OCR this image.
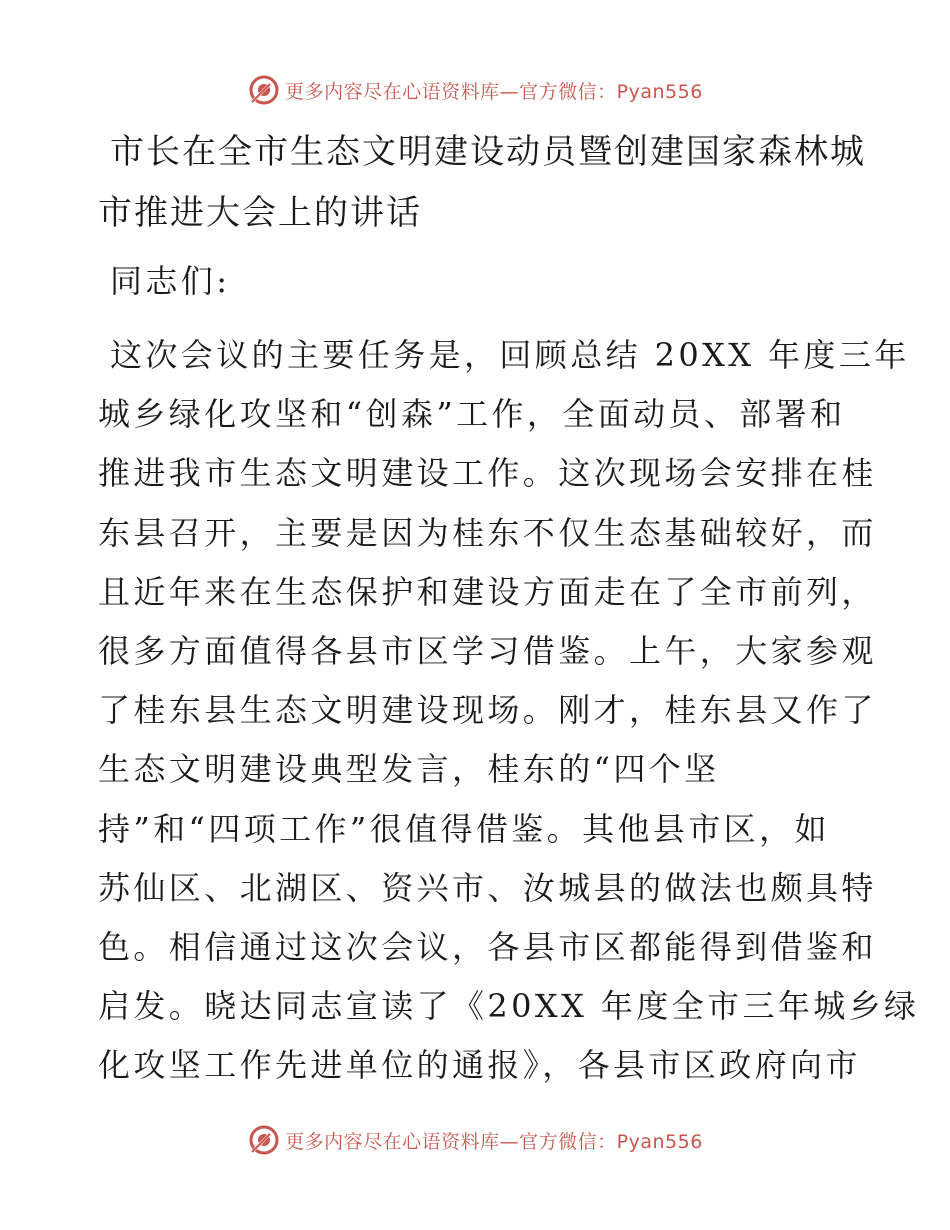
更多内容尽在心语资料库—官方微信：Pyan556
市长在全市生态文明建设动员暨创建国家森林城
市推进大会上的讲话
同志们:
这次会议的主要任务是，回顾总结 20XX 年度三年
城乡绿化攻坚和“创森”工作，全面动员、部署和
推进我市生态文明建设工作。这次现场会安排在桂
东县召开，主要是因为桂东不仅生态基础较好，而
且近年来在生态保护和建设方面走在了全市前列，
很多方面值得各县市区学习借鉴。上午，大家参观
了桂东县生态文明建设现场。刚才，桂东县又作了
生态文明建设典型发言，桂东的“四个坚
持”和“四项工作”很值得借鉴。其他县市区，如
苏仙区、北湖区、资兴市、汝城县的做法也颇具特
色。相信通过这次会议，各县市区都能得到借鉴和
启发。晓达同志宣读了《20XX 年度全市三年城乡绿
化攻坚工作先进单位的通报》，各县市区政府向市
更多内容尽在心语资料库—官方微信：Pyan556
